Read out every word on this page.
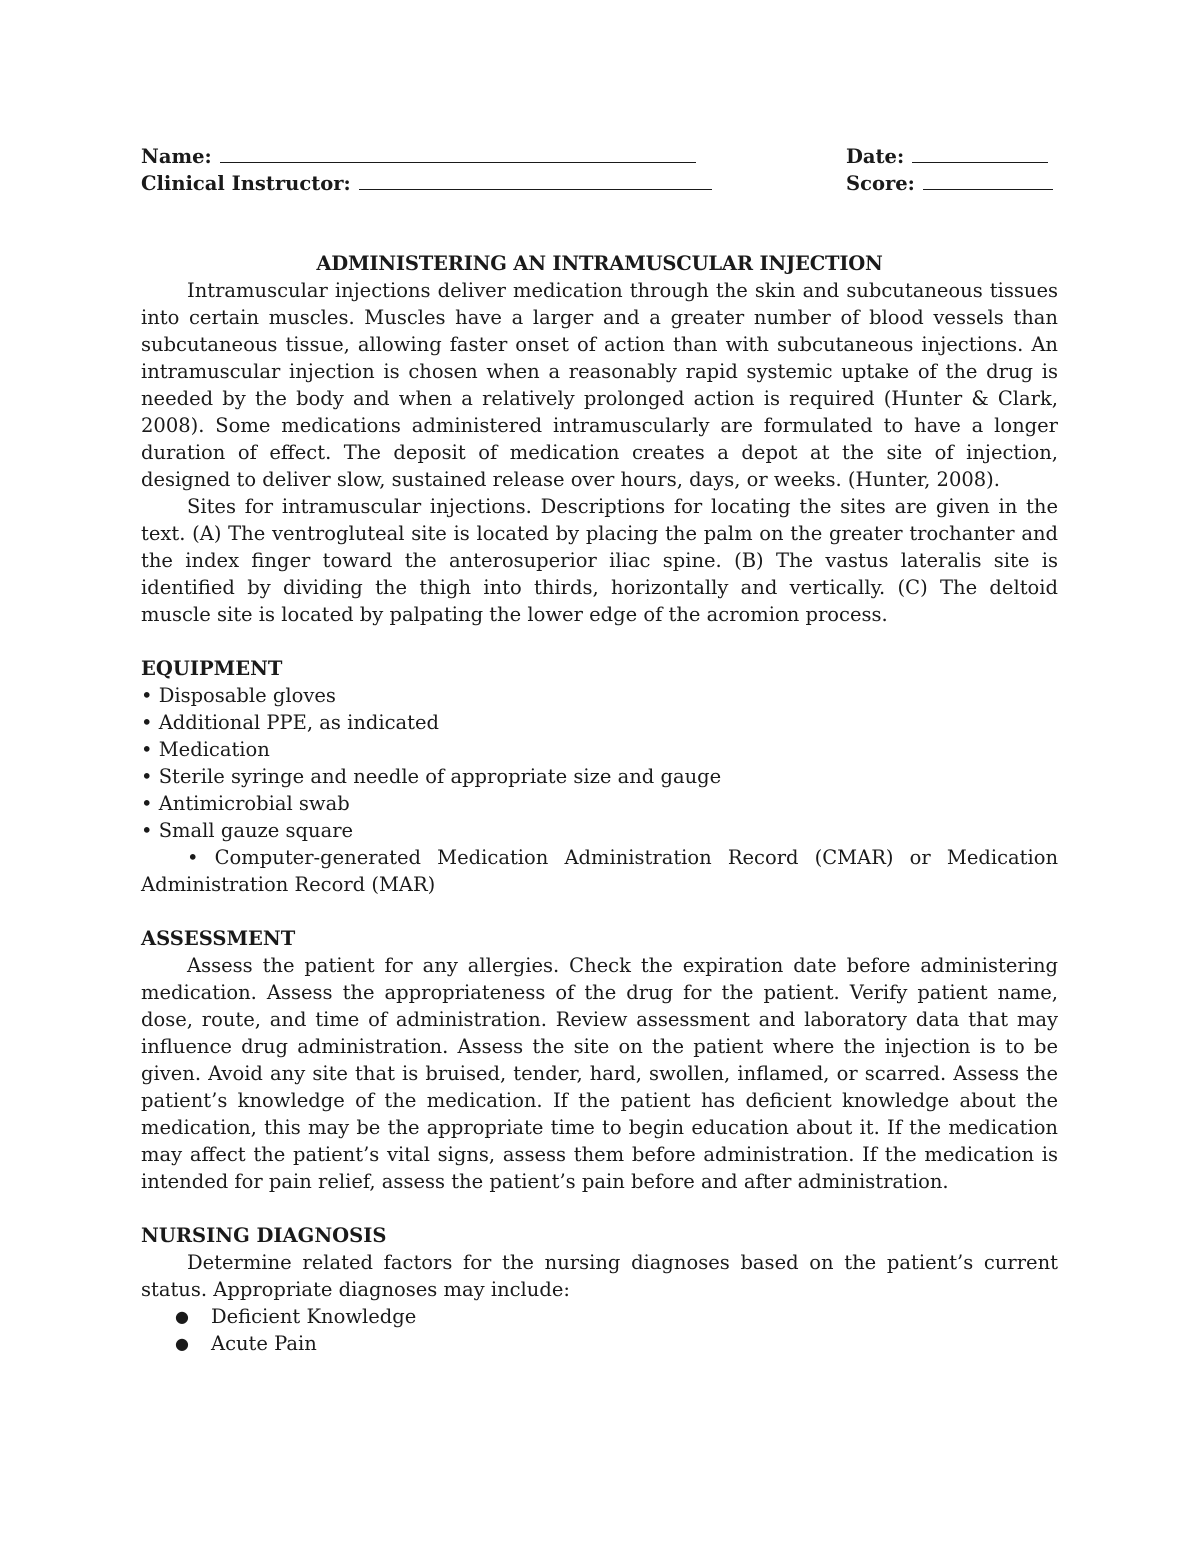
Name:	Date:
Clinical Instructor:	Score:
ADMINISTERING AN INTRAMUSCULAR INJECTION

Intramuscular injections deliver medication through the skin and subcutaneous tissues into certain muscles. Muscles have a larger and a greater number of blood vessels than subcutaneous tissue, allowing faster onset of action than with subcutaneous injections. An intramuscular injection is chosen when a reasonably rapid systemic uptake of the drug is needed by the body and when a relatively prolonged action is required (Hunter & Clark, 2008). Some medications administered intramuscularly are formulated to have a longer duration of effect. The deposit of medication creates a depot at the site of injection, designed to deliver slow, sustained release over hours, days, or weeks. (Hunter, 2008).

Sites for intramuscular injections. Descriptions for locating the sites are given in the text. (A) The ventrogluteal site is located by placing the palm on the greater trochanter and the index finger toward the anterosuperior iliac spine. (B) The vastus lateralis site is identified by dividing the thigh into thirds, horizontally and vertically. (C) The deltoid muscle site is located by palpating the lower edge of the acromion process.

EQUIPMENT
• Disposable gloves
• Additional PPE, as indicated
• Medication
• Sterile syringe and needle of appropriate size and gauge
• Antimicrobial swab
• Small gauze square
• Computer-generated Medication Administration Record (CMAR) or Medication Administration Record (MAR)
ASSESSMENT

Assess the patient for any allergies. Check the expiration date before administering medication. Assess the appropriateness of the drug for the patient. Verify patient name, dose, route, and time of administration. Review assessment and laboratory data that may influence drug administration. Assess the site on the patient where the injection is to be given. Avoid any site that is bruised, tender, hard, swollen, inflamed, or scarred. Assess the patient’s knowledge of the medication. If the patient has deficient knowledge about the medication, this may be the appropriate time to begin education about it. If the medication may affect the patient’s vital signs, assess them before administration. If the medication is intended for pain relief, assess the patient’s pain before and after administration.

NURSING DIAGNOSIS

Determine related factors for the nursing diagnoses based on the patient’s current status. Appropriate diagnoses may include:

● Deficient Knowledge
● Acute Pain
